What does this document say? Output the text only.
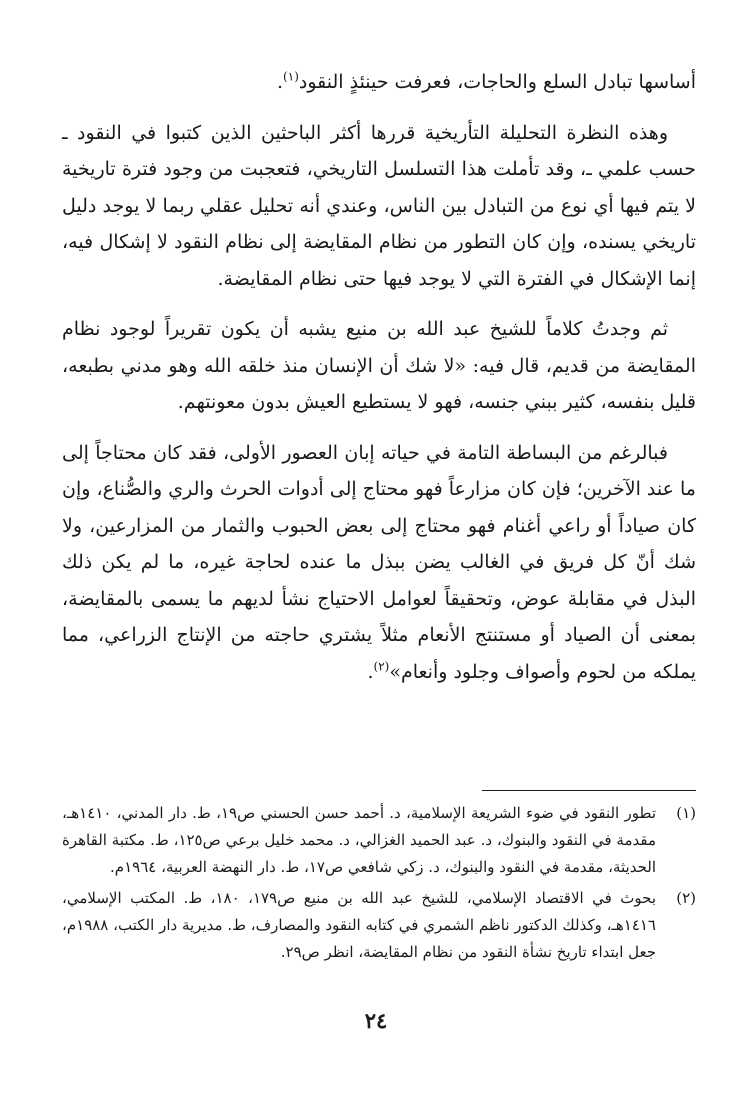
أساسها تبادل السلع والحاجات، فعرفت حينئذٍ النقود$^{(١)}$.

وهذه النظرة التحليلة التأريخية قررها أكثر الباحثين الذين كتبوا في النقود ـ حسب علمي ـ، وقد تأملت هذا التسلسل التاريخي، فتعجبت من وجود فترة تاريخية لا يتم فيها أي نوع من التبادل بين الناس، وعندي أنه تحليل عقلي ربما لا يوجد دليل تاريخي يسنده، وإن كان التطور من نظام المقايضة إلى نظام النقود لا إشكال فيه، إنما الإشكال في الفترة التي لا يوجد فيها حتى نظام المقايضة.

ثم وجدتُ كلاماً للشيخ عبد الله بن منيع يشبه أن يكون تقريراً لوجود نظام المقايضة من قديم، قال فيه: «لا شك أن الإنسان منذ خلقه الله وهو مدني بطبعه، قليل بنفسه، كثير ببني جنسه، فهو لا يستطيع العيش بدون معونتهم.

فبالرغم من البساطة التامة في حياته إبان العصور الأولى، فقد كان محتاجاً إلى ما عند الآخرين؛ فإن كان مزارعاً فهو محتاج إلى أدوات الحرث والري والصُّناع، وإن كان صياداً أو راعي أغنام فهو محتاج إلى بعض الحبوب والثمار من المزارعين، ولا شك أنّ كل فريق في الغالب يضن ببذل ما عنده لحاجة غيره، ما لم يكن ذلك البذل في مقابلة عوض، وتحقيقاً لعوامل الاحتياج نشأ لديهم ما يسمى بالمقايضة، بمعنى أن الصياد أو مستنتج الأنعام مثلاً يشتري حاجته من الإنتاج الزراعي، مما يملكه من لحوم وأصواف وجلود وأنعام»$^{(٢)}$.

(١)
تطور النقود في ضوء الشريعة الإسلامية، د. أحمد حسن الحسني ص١٩، ط. دار المدني، ١٤١٠هـ، مقدمة في النقود والبنوك، د. عبد الحميد الغزالي، د. محمد خليل برعي ص١٢٥، ط. مكتبة القاهرة الحديثة، مقدمة في النقود والبنوك، د. زكي شافعي ص١٧، ط. دار النهضة العربية، ١٩٦٤م.
(٢)
بحوث في الاقتصاد الإسلامي، للشيخ عبد الله بن منيع ص١٧٩، ١٨٠، ط. المكتب الإسلامي، ١٤١٦هـ، وكذلك الدكتور ناظم الشمري في كتابه النقود والمصارف، ط. مديرية دار الكتب، ١٩٨٨م، جعل ابتداء تاريخ نشأة النقود من نظام المقايضة، انظر ص٢٩.
٢٤
